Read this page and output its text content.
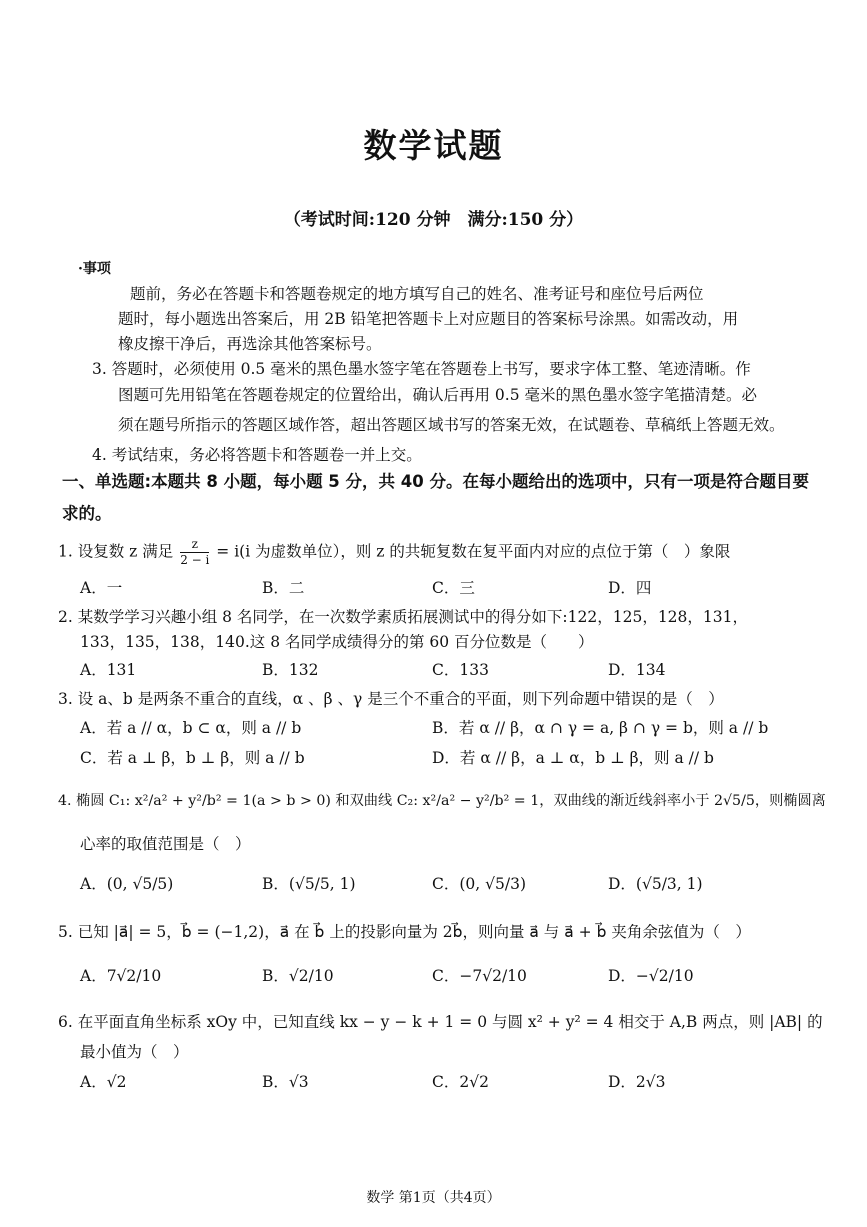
数学试题
（考试时间:120 分钟　满分:150 分）
·事项
题前，务必在答题卡和答题卷规定的地方填写自己的姓名、准考证号和座位号后两位
题时，每小题选出答案后，用 2B 铅笔把答题卡上对应题目的答案标号涂黑。如需改动，用
橡皮擦干净后，再选涂其他答案标号。
3. 答题时，必须使用 0.5 毫米的黑色墨水签字笔在答题卷上书写，要求字体工整、笔迹清晰。作
图题可先用铅笔在答题卷规定的位置给出，确认后再用 0.5 毫米的黑色墨水签字笔描清楚。必
须在题号所指示的答题区域作答，超出答题区域书写的答案无效，在试题卷、草稿纸上答题无效。
4. 考试结束，务必将答题卡和答题卷一并上交。
一、单选题:本题共 8 小题，每小题 5 分，共 40 分。在每小题给出的选项中，只有一项是符合题目要求的。
1. 设复数 z 满足 $\frac{z}{2 - i} = i(i$ 为虚数单位），则 z 的共轭复数在复平面内对应的点位于第（　）象限
A．一	B．二	C．三	D．四
2. 某数学学习兴趣小组 8 名同学，在一次数学素质拓展测试中的得分如下:122，125，128，131，
133，135，138，140.这 8 名同学成绩得分的第 60 百分位数是（　　）
A．131	B．132	C．133	D．134
3. 设 a、b 是两条不重合的直线，α 、β 、γ 是三个不重合的平面，则下列命题中错误的是（　）
A．若 a // α，b ⊂ α，则 a // b	B．若 α // β，α ∩ γ = a, β ∩ γ = b，则 a // b
C．若 a ⊥ β，b ⊥ β，则 a // b	D．若 α // β，a ⊥ α，b ⊥ β，则 a // b
4. 椭圆 C₁: x²/a² + y²/b² = 1(a > b > 0) 和双曲线 C₂: x²/a² − y²/b² = 1，双曲线的渐近线斜率小于 2√5/5，则椭圆离
心率的取值范围是（　）
A．(0, √5/5)	B．(√5/5, 1)	C．(0, √5/3)	D．(√5/3, 1)
5. 已知 |a⃗| = 5，b⃗ = (−1,2)，a⃗ 在 b⃗ 上的投影向量为 2b⃗，则向量 a⃗ 与 a⃗ + b⃗ 夹角余弦值为（　）
A．7√2/10	B．√2/10	C．−7√2/10	D．−√2/10
6. 在平面直角坐标系 xOy 中，已知直线 kx − y − k + 1 = 0 与圆 x² + y² = 4 相交于 A,B 两点，则 |AB| 的
最小值为（　）
A．√2	B．√3	C．2√2	D．2√3
数学 第1页（共4页）
